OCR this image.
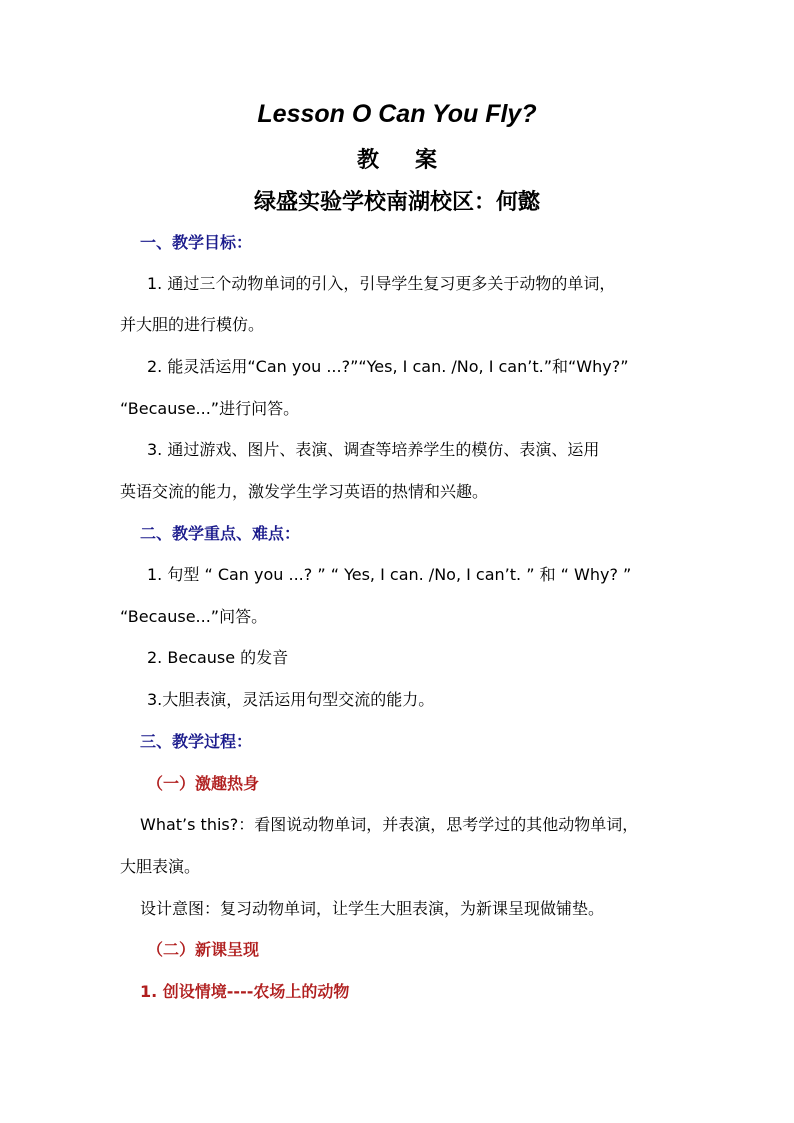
Lesson O Can You Fly?
教案
绿盛实验学校南湖校区：何懿
一、教学目标：
1. 通过三个动物单词的引入，引导学生复习更多关于动物的单词，
并大胆的进行模仿。
2. 能灵活运用“Can you ...?”“Yes, I can. /No, I can’t.”和“Why?”
“Because...”进行问答。
3. 通过游戏、图片、表演、调查等培养学生的模仿、表演、运用
英语交流的能力，激发学生学习英语的热情和兴趣。
二、教学重点、难点：
1. 句型 “ Can you ...? ” “ Yes, I can. /No, I can’t. ” 和 “ Why? ”
“Because...”问答。
2. Because 的发音
3.大胆表演，灵活运用句型交流的能力。
三、教学过程：
（一）激趣热身
What’s this?：看图说动物单词，并表演，思考学过的其他动物单词，
大胆表演。
设计意图：复习动物单词，让学生大胆表演，为新课呈现做铺垫。
（二）新课呈现
1. 创设情境----农场上的动物
